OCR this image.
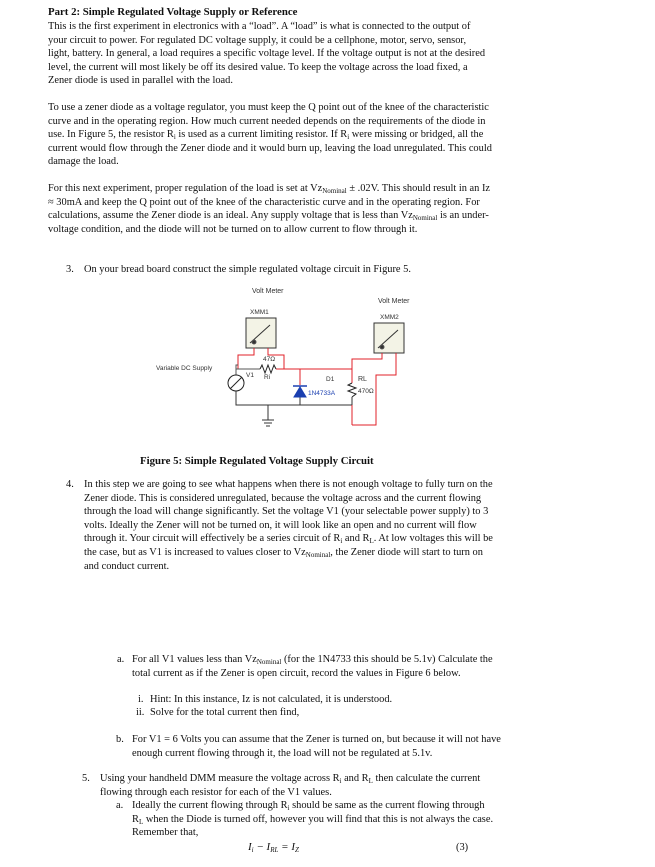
Part 2: Simple Regulated Voltage Supply or Reference

This is the first experiment in electronics with a “load”. A “load” is what is connected to the output of your circuit to power. For regulated DC voltage supply, it could be a cellphone, motor, servo, sensor, light, battery. In general, a load requires a specific voltage level. If the voltage output is not at the desired level, the current will most likely be off its desired value. To keep the voltage across the load fixed, a Zener diode is used in parallel with the load.

To use a zener diode as a voltage regulator, you must keep the Q point out of the knee of the characteristic curve and in the operating region. How much current needed depends on the requirements of the diode in use. In Figure 5, the resistor $R_i$ is used as a current limiting resistor. If $R_i$ were missing or bridged, all the current would flow through the Zener diode and it would burn up, leaving the load unregulated. This could damage the load.

For this next experiment, proper regulation of the load is set at $Vz_{Nominal} \pm .02V$. This should result in an Iz ≈ 30mA and keep the Q point out of the knee of the characteristic curve and in the operating region. For calculations, assume the Zener diode is an ideal. Any supply voltage that is less than $Vz_{Nominal}$ is an under-voltage condition, and the diode will not be turned on to allow current to flow through it.

3. On your bread board construct the simple regulated voltage circuit in Figure 5.
Volt Meter
XMM1
Volt Meter
XMM2
Variable DC Supply
V1
47Ω
Ri	D1
1N4733A
RL
470Ω
Figure 5: Simple Regulated Voltage Supply Circuit
4. In this step we are going to see what happens when there is not enough voltage to fully turn on the Zener diode. This is considered unregulated, because the voltage across and the current flowing through the load will change significantly. Set the voltage V1 (your selectable power supply) to 3 volts. Ideally the Zener will not be turned on, it will look like an open and no current will flow through it. Your circuit will effectively be a series circuit of $R_i$ and $R_L$. At low voltages this will be the case, but as V1 is increased to values closer to $Vz_{Nominal}$, the Zener diode will start to turn on and conduct current.

a. For all V1 values less than $Vz_{Nominal}$ (for the 1N4733 this should be 5.1v) Calculate the total current as if the Zener is open circuit, record the values in Figure 6 below.

i. Hint: In this instance, Iz is not calculated, it is understood.
ii. Solve for the total current then find,
b. For V1 = 6 Volts you can assume that the Zener is turned on, but because it will not have enough current flowing through it, the load will not be regulated at 5.1v.
5. Using your handheld DMM measure the voltage across $R_i$ and $R_L$ then calculate the current flowing through each resistor for each of the V1 values.

a. Ideally the current flowing through $R_i$ should be same as the current flowing through $R_L$ when the Diode is turned off, however you will find that this is not always the case. Remember that,

$I_i - I_{RL} = I_Z$	(3)
